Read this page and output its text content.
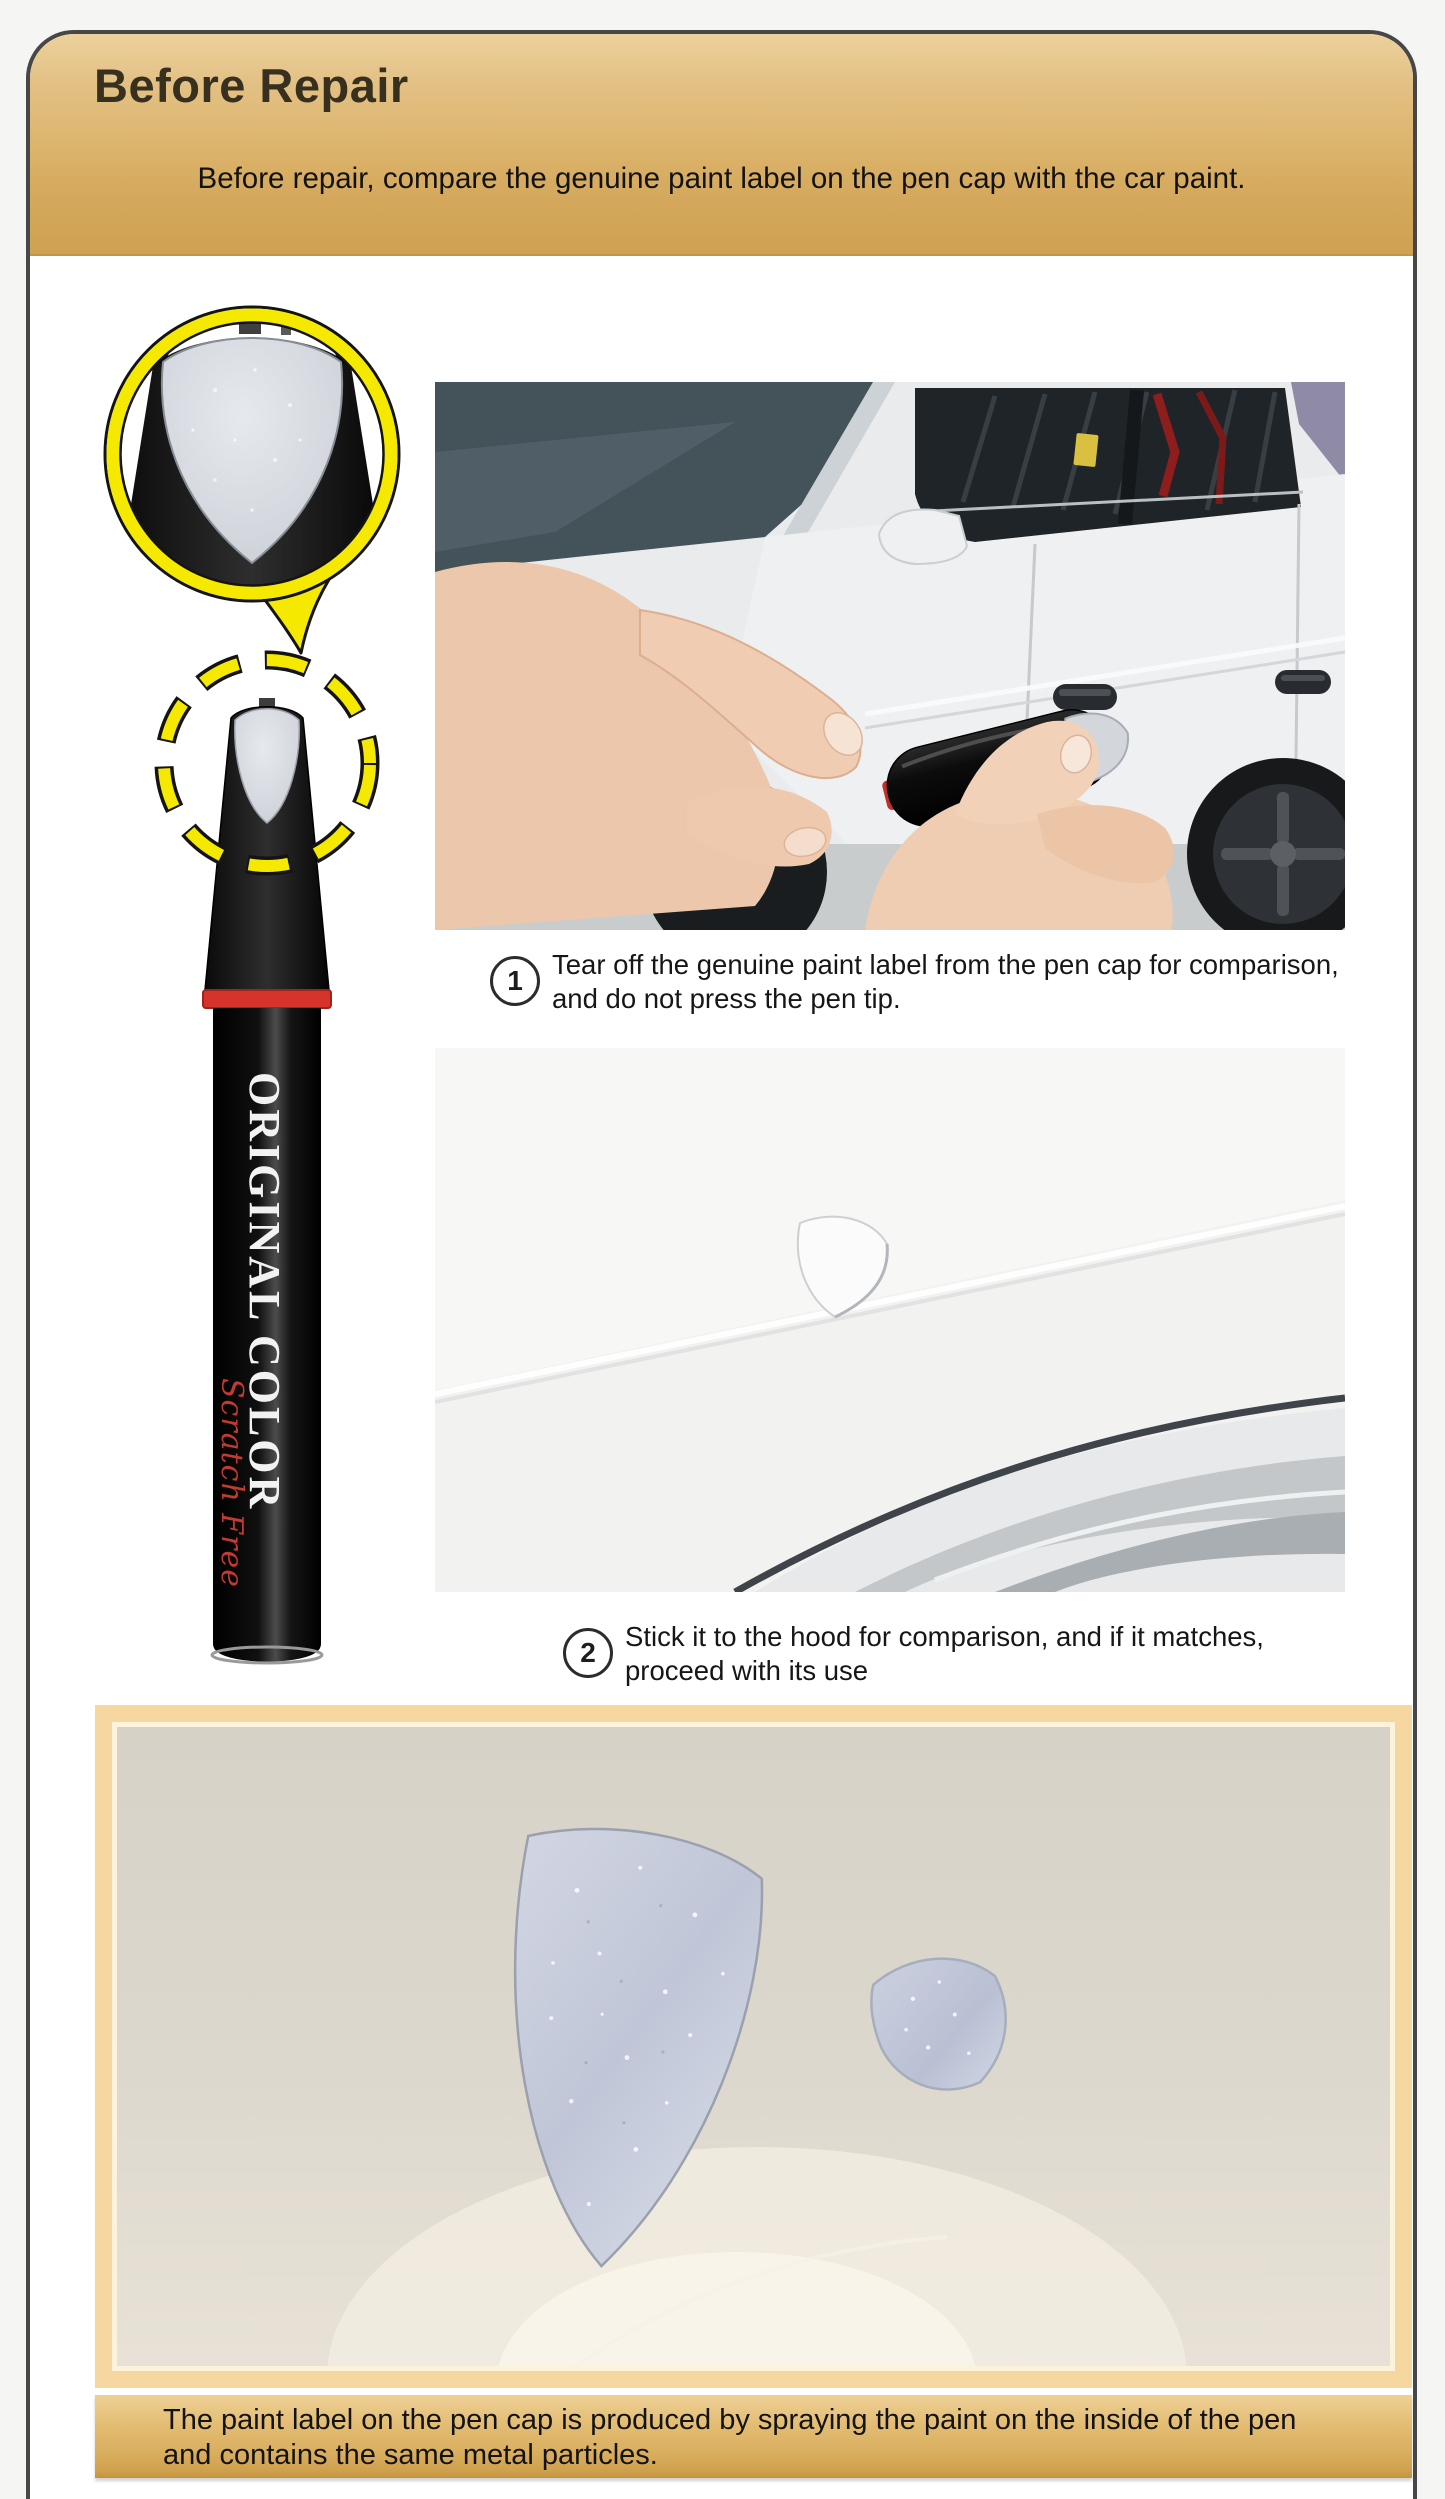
Before Repair
Before repair, compare the genuine paint label on the pen cap with the car paint.
ORIGINAL COLOR
Scratch Free
1
Tear off the genuine paint label from the pen cap for comparison,
and do not press the pen tip.
2
Stick it to the hood for comparison, and if it matches,
proceed with its use
The paint label on the pen cap is produced by spraying the paint on the inside of the pen
and contains the same metal particles.
